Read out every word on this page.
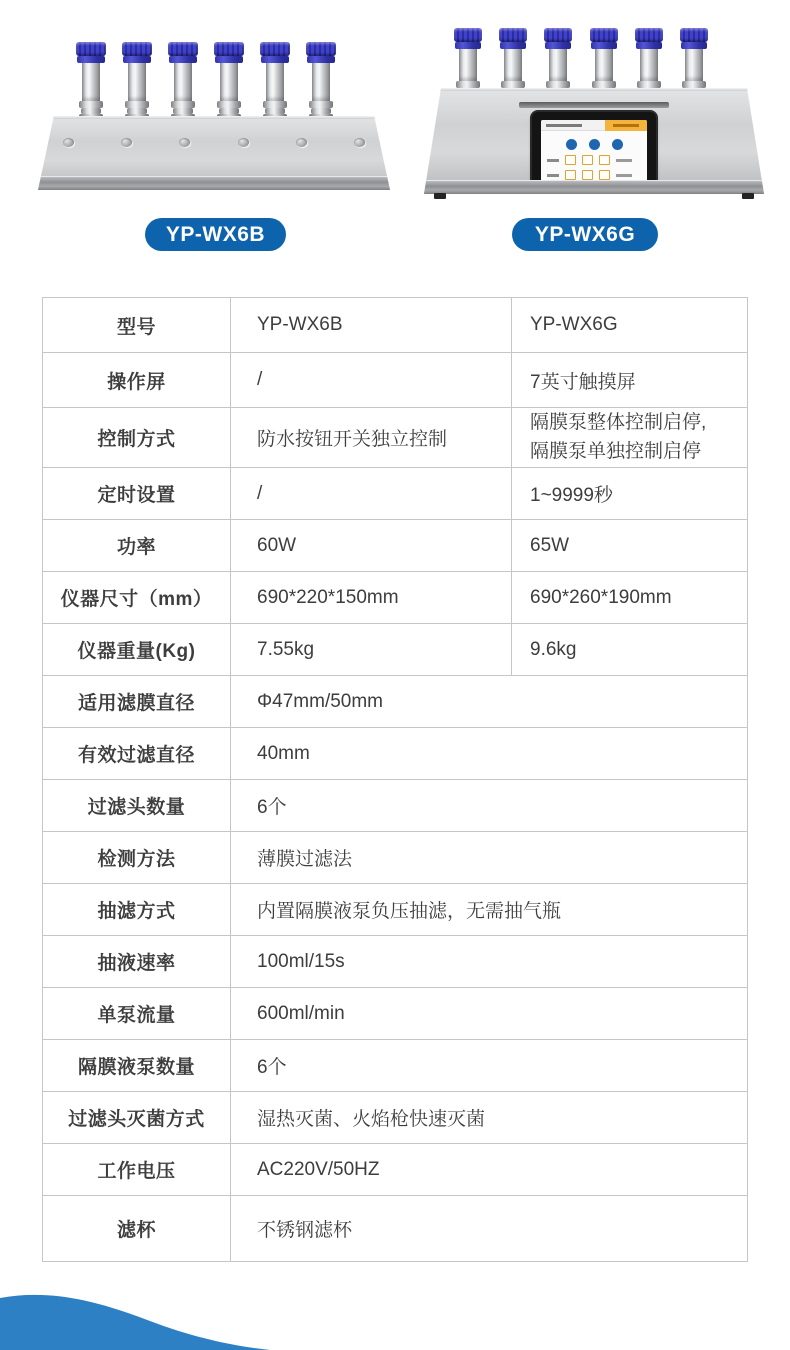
YP-WX6B	YP-WX6G
型号	YP-WX6B	YP-WX6G
操作屏	/	7英寸触摸屏
控制方式	防水按钮开关独立控制	隔膜泵整体控制启停,
隔膜泵单独控制启停
定时设置	/	1~9999秒
功率	60W	65W
仪器尺寸（mm）	690*220*150mm	690*260*190mm
仪器重量(Kg)	7.55kg	9.6kg
适用滤膜直径	Φ47mm/50mm	
有效过滤直径	40mm	
过滤头数量	6个	
检测方法	薄膜过滤法	
抽滤方式	内置隔膜液泵负压抽滤，无需抽气瓶	
抽液速率	100ml/15s	
单泵流量	600ml/min	
隔膜液泵数量	6个	
过滤头灭菌方式	湿热灭菌、火焰枪快速灭菌	
工作电压	AC220V/50HZ	
滤杯	不锈钢滤杯	
